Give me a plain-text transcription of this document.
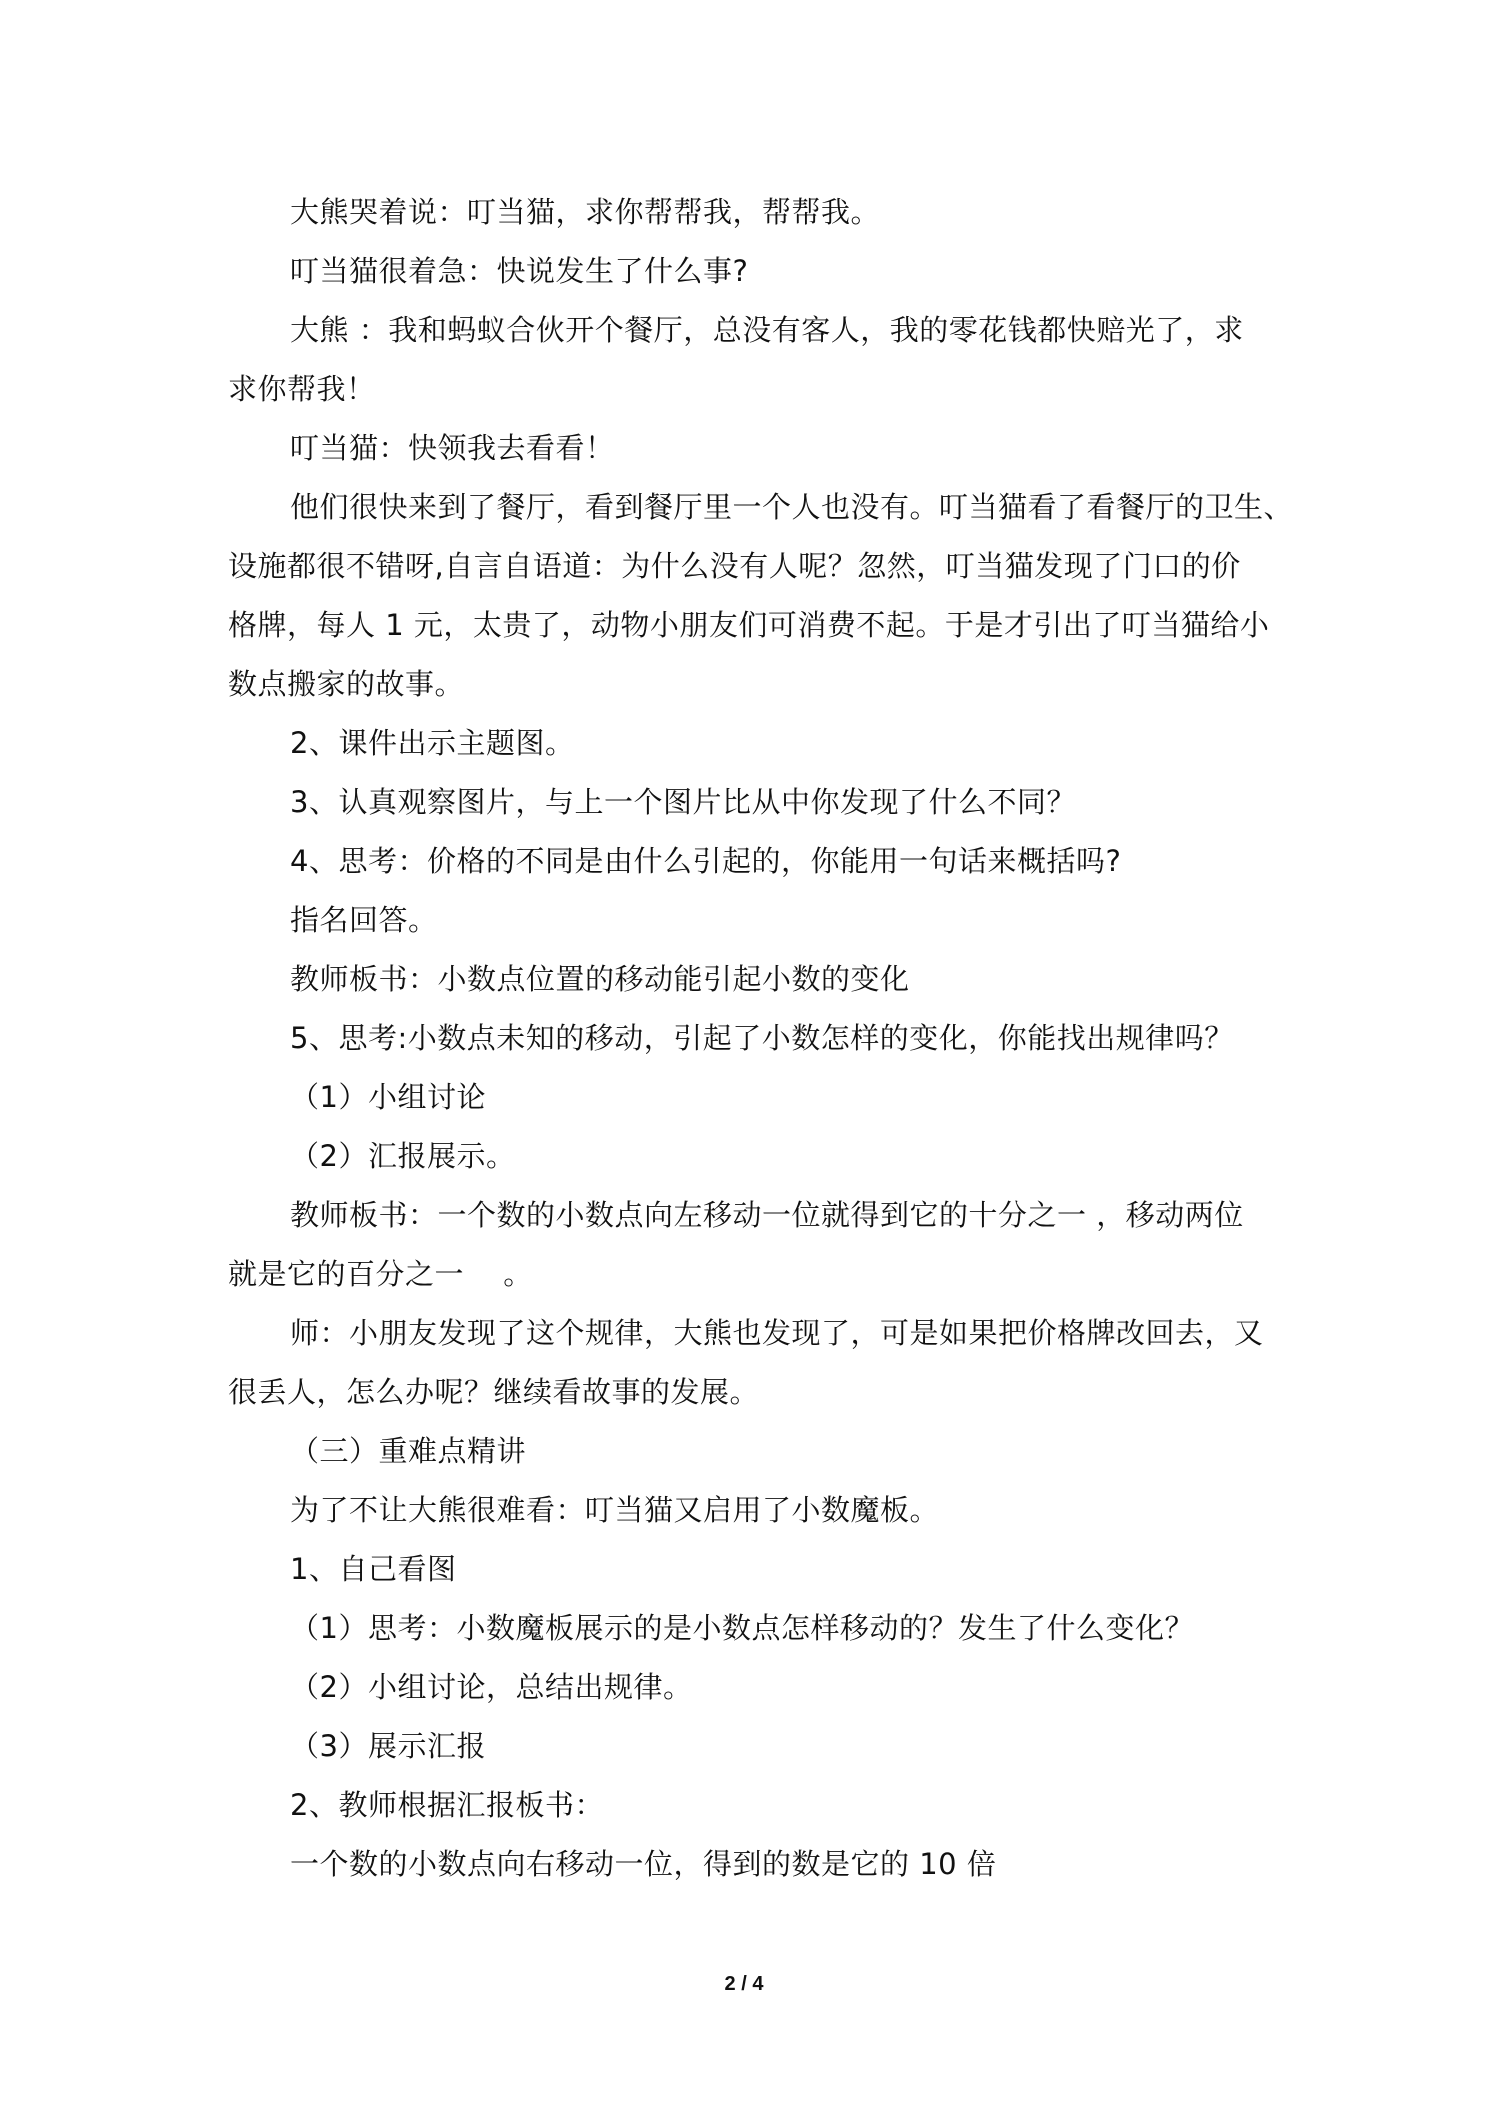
大熊哭着说：叮当猫，求你帮帮我，帮帮我。
叮当猫很着急：快说发生了什么事?
大熊 ：我和蚂蚁合伙开个餐厅，总没有客人，我的零花钱都快赔光了，求
求你帮我！
叮当猫：快领我去看看！
他们很快来到了餐厅，看到餐厅里一个人也没有。叮当猫看了看餐厅的卫生、
设施都很不错呀,自言自语道：为什么没有人呢？忽然，叮当猫发现了门口的价
格牌，每人 1 元，太贵了，动物小朋友们可消费不起。于是才引出了叮当猫给小
数点搬家的故事。
2、课件出示主题图。
3、认真观察图片，与上一个图片比从中你发现了什么不同？
4、思考：价格的不同是由什么引起的，你能用一句话来概括吗?
指名回答。
教师板书：小数点位置的移动能引起小数的变化
5、思考:小数点未知的移动，引起了小数怎样的变化，你能找出规律吗？
（1）小组讨论
（2）汇报展示。
教师板书：一个数的小数点向左移动一位就得到它的十分之一 ，移动两位
就是它的百分之一　 。
师：小朋友发现了这个规律，大熊也发现了，可是如果把价格牌改回去，又
很丢人，怎么办呢？继续看故事的发展。
（三）重难点精讲
为了不让大熊很难看：叮当猫又启用了小数魔板。
1、自己看图
（1）思考：小数魔板展示的是小数点怎样移动的？发生了什么变化？
（2）小组讨论，总结出规律。
（3）展示汇报
2、教师根据汇报板书：
一个数的小数点向右移动一位，得到的数是它的 10 倍
2 / 4
